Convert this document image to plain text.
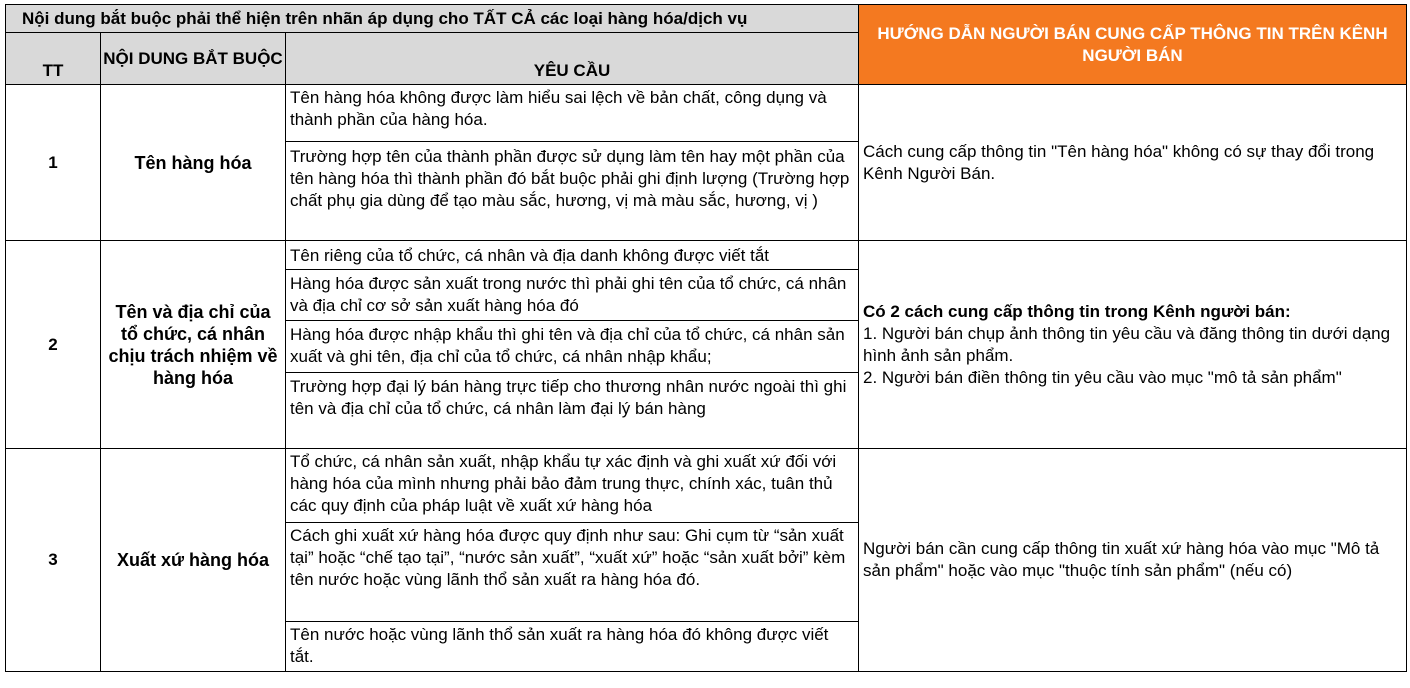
Nội dung bắt buộc phải thể hiện trên nhãn áp dụng cho TẤT CẢ các loại hàng hóa/dịch vụ			HƯỚNG DẪN NGƯỜI BÁN CUNG CẤP THÔNG TIN TRÊN KÊNH NGƯỜI BÁN
TT	NỘI DUNG BẮT BUỘC	YÊU CẦU	
1	Tên hàng hóa	Tên hàng hóa không được làm hiểu sai lệch về bản chất, công dụng và thành phần của hàng hóa.	Cách cung cấp thông tin "Tên hàng hóa" không có sự thay đổi trong Kênh Người Bán.
		Trường hợp tên của thành phần được sử dụng làm tên hay một phần của tên hàng hóa thì thành phần đó bắt buộc phải ghi định lượng (Trường hợp chất phụ gia dùng để tạo màu sắc, hương, vị mà màu sắc, hương, vị )	
2	Tên và địa chỉ của tổ chức, cá nhân chịu trách nhiệm về hàng hóa	Tên riêng của tổ chức, cá nhân và địa danh không được viết tắt	Có 2 cách cung cấp thông tin trong Kênh người bán:
1. Người bán chụp ảnh thông tin yêu cầu và đăng thông tin dưới dạng hình ảnh sản phẩm.
2. Người bán điền thông tin yêu cầu vào mục "mô tả sản phẩm"
		Hàng hóa được sản xuất trong nước thì phải ghi tên của tổ chức, cá nhân và địa chỉ cơ sở sản xuất hàng hóa đó	
		Hàng hóa được nhập khẩu thì ghi tên và địa chỉ của tổ chức, cá nhân sản xuất và ghi tên, địa chỉ của tổ chức, cá nhân nhập khẩu;	
		Trường hợp đại lý bán hàng trực tiếp cho thương nhân nước ngoài thì ghi tên và địa chỉ của tổ chức, cá nhân làm đại lý bán hàng	
3	Xuất xứ hàng hóa	Tổ chức, cá nhân sản xuất, nhập khẩu tự xác định và ghi xuất xứ đối với hàng hóa của mình nhưng phải bảo đảm trung thực, chính xác, tuân thủ các quy định của pháp luật về xuất xứ hàng hóa	Người bán cần cung cấp thông tin xuất xứ hàng hóa vào mục "Mô tả sản phẩm" hoặc vào mục "thuộc tính sản phẩm" (nếu có)
		Cách ghi xuất xứ hàng hóa được quy định như sau: Ghi cụm từ “sản xuất tại” hoặc “chế tạo tại”, “nước sản xuất”, “xuất xứ” hoặc “sản xuất bởi” kèm tên nước hoặc vùng lãnh thổ sản xuất ra hàng hóa đó.	
		Tên nước hoặc vùng lãnh thổ sản xuất ra hàng hóa đó không được viết tắt.	
